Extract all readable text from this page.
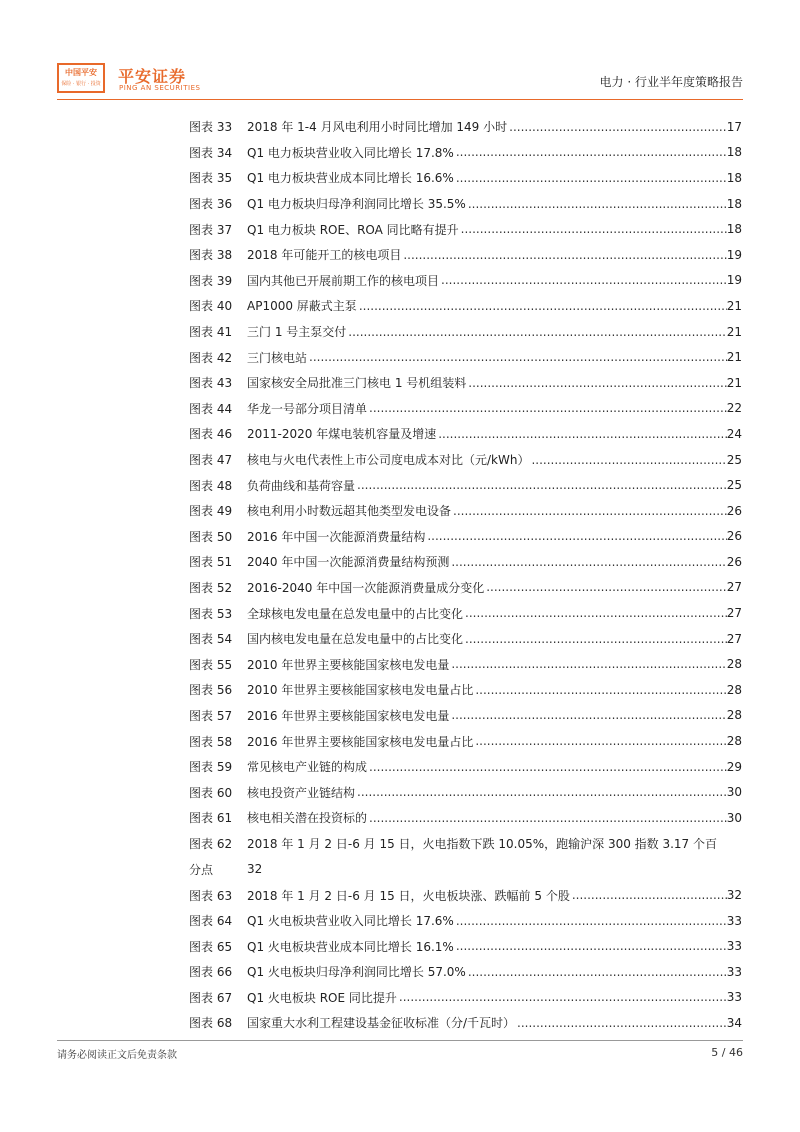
中国平安
保险 · 银行 · 投资 平安证券
PING AN SECURITIES	电力 · 行业半年度策略报告
图表 33	2018 年 1-4 月风电利用小时同比增加 149 小时 .....	17
图表 34	Q1 电力板块营业收入同比增长 17.8% .....	18
图表 35	Q1 电力板块营业成本同比增长 16.6% .....	18
图表 36	Q1 电力板块归母净利润同比增长 35.5% .....	18
图表 37	Q1 电力板块 ROE、ROA 同比略有提升 .....	18
图表 38	2018 年可能开工的核电项目 .....	19
图表 39	国内其他已开展前期工作的核电项目 .....	19
图表 40	AP1000 屏蔽式主泵 .....	21
图表 41	三门 1 号主泵交付 .....	21
图表 42	三门核电站 .....	21
图表 43	国家核安全局批准三门核电 1 号机组装料 .....	21
图表 44	华龙一号部分项目清单 .....	22
图表 46	2011-2020 年煤电装机容量及增速 .....	24
图表 47	核电与火电代表性上市公司度电成本对比（元/kWh） .....	25
图表 48	负荷曲线和基荷容量 .....	25
图表 49	核电利用小时数远超其他类型发电设备 .....	26
图表 50	2016 年中国一次能源消费量结构 .....	26
图表 51	2040 年中国一次能源消费量结构预测 .....	26
图表 52	2016-2040 年中国一次能源消费量成分变化 .....	27
图表 53	全球核电发电量在总发电量中的占比变化 .....	27
图表 54	国内核电发电量在总发电量中的占比变化 .....	27
图表 55	2010 年世界主要核能国家核电发电量 .....	28
图表 56	2010 年世界主要核能国家核电发电量占比 .....	28
图表 57	2016 年世界主要核能国家核电发电量 .....	28
图表 58	2016 年世界主要核能国家核电发电量占比 .....	28
图表 59	常见核电产业链的构成 .....	29
图表 60	核电投资产业链结构 .....	30
图表 61	核电相关潜在投资标的 .....	30
图表 62	2018 年 1 月 2 日-6 月 15 日，火电指数下跌 10.05%，跑输沪深 300 指数 3.17 个百
分点	32
图表 63	2018 年 1 月 2 日-6 月 15 日，火电板块涨、跌幅前 5 个股 .....	32
图表 64	Q1 火电板块营业收入同比增长 17.6% .....	33
图表 65	Q1 火电板块营业成本同比增长 16.1% .....	33
图表 66	Q1 火电板块归母净利润同比增长 57.0% .....	33
图表 67	Q1 火电板块 ROE 同比提升 .....	33
图表 68	国家重大水利工程建设基金征收标准（分/千瓦时） .....	34
请务必阅读正文后免责条款	5 / 46
